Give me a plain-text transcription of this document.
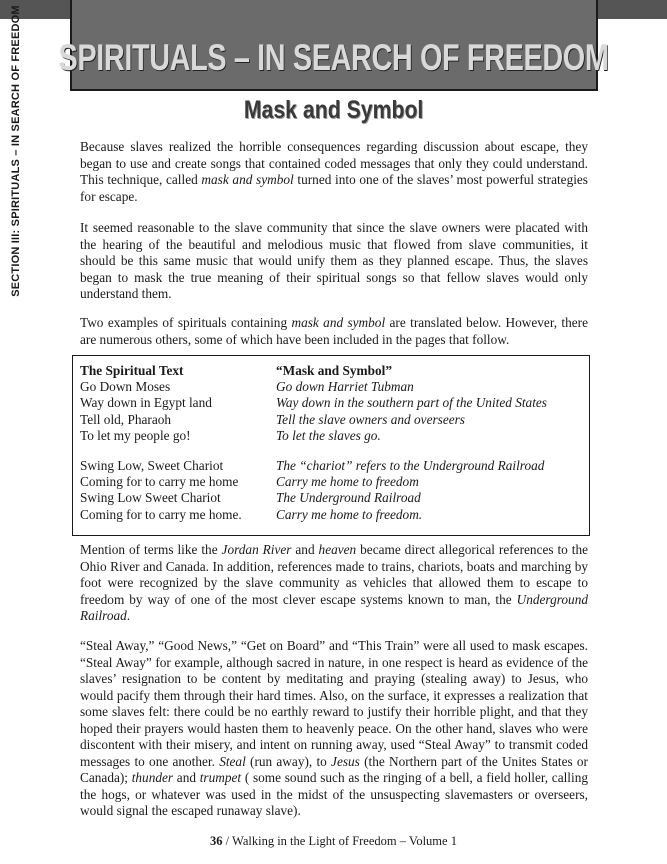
SPIRITUALS – IN SEARCH OF FREEDOM
SECTION III: SPIRITUALS – IN SEARCH OF FREEDOM	Mask and Symbol

Because slaves realized the horrible consequences regarding discussion about escape, they began to use and create songs that contained coded messages that only they could understand. This technique, called mask and symbol turned into one of the slaves’ most powerful strategies for escape.

It seemed reasonable to the slave community that since the slave owners were placated with the hearing of the beautiful and melodious music that flowed from slave communities, it should be this same music that would unify them as they planned escape. Thus, the slaves began to mask the true meaning of their spiritual songs so that fellow slaves would only understand them.

Two examples of spirituals containing mask and symbol are translated below. However, there are numerous others, some of which have been included in the pages that follow.

The Spiritual Text
Go Down Moses
Way down in Egypt land
Tell old, Pharaoh
To let my people go!
Swing Low, Sweet Chariot
Coming for to carry me home
Swing Low Sweet Chariot
Coming for to carry me home.
“Mask and Symbol”
Go down Harriet Tubman
Way down in the southern part of the United States
Tell the slave owners and overseers
To let the slaves go.
The “chariot” refers to the Underground Railroad
Carry me home to freedom
The Underground Railroad
Carry me home to freedom.

Mention of terms like the Jordan River and heaven became direct allegorical references to the Ohio River and Canada. In addition, references made to trains, chariots, boats and marching by foot were recognized by the slave community as vehicles that allowed them to escape to freedom by way of one of the most clever escape systems known to man, the Underground Railroad.

“Steal Away,” “Good News,” “Get on Board” and “This Train” were all used to mask escapes. “Steal Away” for example, although sacred in nature, in one respect is heard as evidence of the slaves’ resignation to be content by meditating and praying (stealing away) to Jesus, who would pacify them through their hard times. Also, on the surface, it expresses a realization that some slaves felt: there could be no earthly reward to justify their horrible plight, and that they hoped their prayers would hasten them to heavenly peace. On the other hand, slaves who were discontent with their misery, and intent on running away, used “Steal Away” to transmit coded messages to one another. Steal (run away), to Jesus (the Northern part of the Unites States or Canada); thunder and trumpet ( some sound such as the ringing of a bell, a field holler, calling the hogs, or whatever was used in the midst of the unsuspecting slavemasters or overseers, would signal the escaped runaway slave).

36 / Walking in the Light of Freedom – Volume 1
